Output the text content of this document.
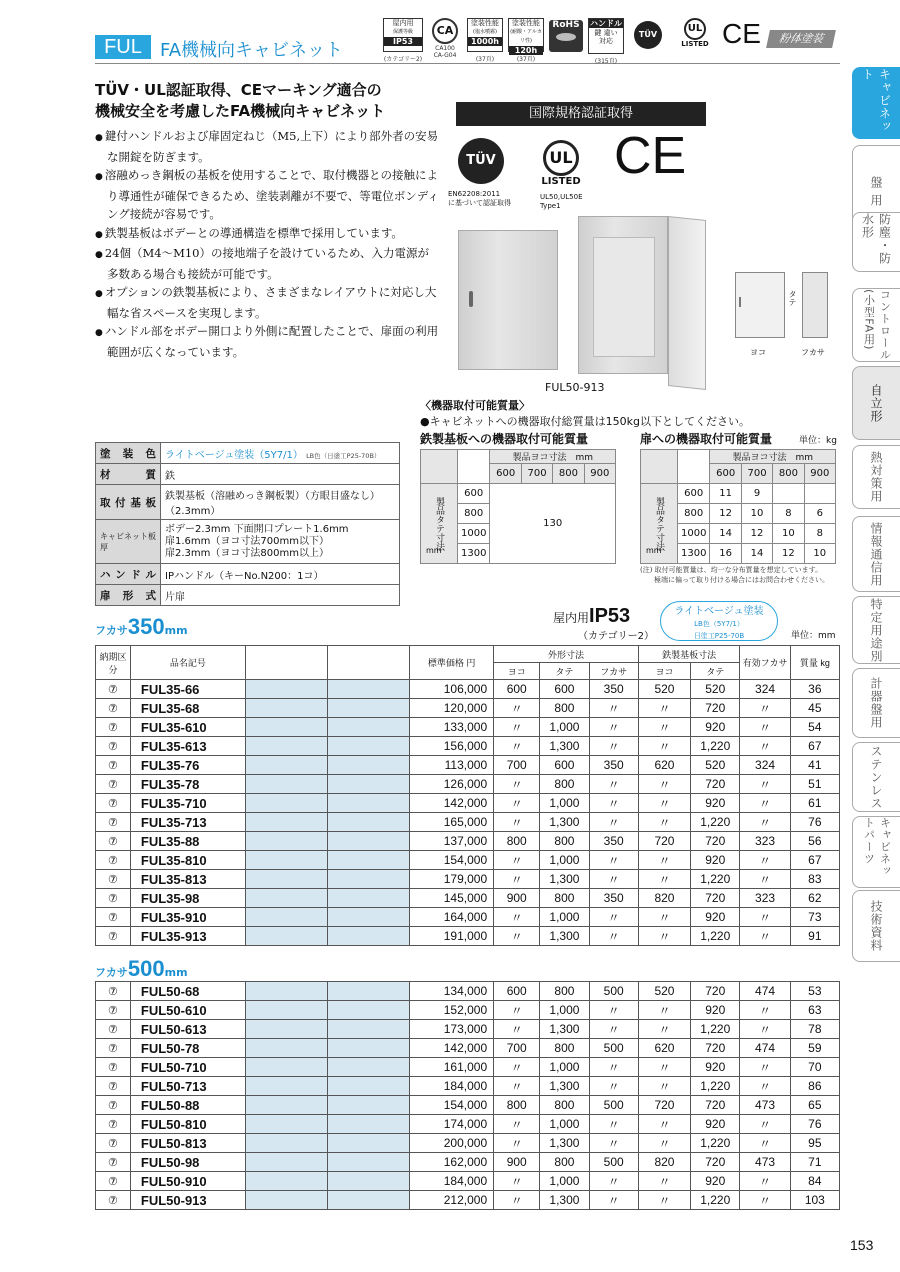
FUL	FA機械向キャビネット
屋内用
保護等級
IP53
(カテゴリー2)
CA
CA100
CA-G04
塗装性能
(塩水噴霧)
1000h
(37頁)
塗装性能
(耐酸・アルカリ性)
120h
(37頁)
RoHS	ハンドル
鍵 違い 対応
(315頁)
TÜV
UL
LISTED CE	粉体塗装
TÜV・UL認証取得、CEマーキング適合の
機械安全を考慮したFA機械向キャビネット
● 鍵付ハンドルおよび扉固定ねじ（M5,上下）により部外者の安易な開錠を防ぎます。
● 溶融めっき鋼板の基板を使用することで、取付機器との接触により導通性が確保できるため、塗装剥離が不要で、等電位ボンディング接続が容易です。
● 鉄製基板はボデーとの導通構造を標準で採用しています。
● 24個（M4〜M10）の接地端子を設けているため、入力電源が多数ある場合も接続が可能です。
● オプションの鉄製基板により、さまざまなレイアウトに対応し大幅な省スペースを実現します。
● ハンドル部をボデー開口より外側に配置したことで、扉面の利用範囲が広くなっています。
国際規格認証取得
TÜV
EN62208:2011
に基づいて認証取得
UL
LISTED
UL50,UL50E
Type1
CE
FUL50-913
タテ
ヨコ	フカサ
キャビネット
盤 用
防塵・防水形
コントロール(小型FA用)
自立形
熱対策用
情報通信用
特定用途別
計器盤用
ステンレス
キャビネットパーツ
技術資料
塗装色	ライトベージュ塗装（5Y7/1） LB色（日塗工P25-70B）
材質	鉄
取付基板	鉄製基板（溶融めっき鋼板製）（方眼目盛なし）（2.3mm）
キャビネット板厚	ボデー2.3mm 下面開口プレート1.6mm
扉1.6mm（ヨコ寸法700mm以下）
扉2.3mm（ヨコ寸法800mm以上）
ハンドル	IPハンドル（キーNo.N200：1コ）
扉形式	片扉
〈機器取付可能質量〉
●キャビネットへの機器取付総質量は150kg以下としてください。
鉄製基板への機器取付可能質量	扉への機器取付可能質量	単位：kg
		製品ヨコ寸法　mm			
		600	700	800	900
製品タテ寸法	600	130			
	800				
	1000				
	1300				
mm
		製品ヨコ寸法　mm			
		600	700	800	900
製品タテ寸法	600	11	9		
	800	12	10	8	6
	1000	14	12	10	8
	1300	16	14	12	10
mm
(注) 取付可能質量は、均一な分布質量を想定しています。
極端に偏って取り付ける場合にはお問合わせください。
屋内用IP53
（カテゴリー2）
ライトベージュ塗装
LB色（5Y7/1）
日塗工P25-70B	単位：mm
フカサ350mm
納期区分	品名記号			標準価格 円	外形寸法			鉄製基板寸法		有効フカサ	質量 kg
					ヨコ	タテ	フカサ	ヨコ	タテ		
⑦	FUL35-66			106,000	600	600	350	520	520	324	36
⑦	FUL35-68			120,000	〃	800	〃	〃	720	〃	45
⑦	FUL35-610			133,000	〃	1,000	〃	〃	920	〃	54
⑦	FUL35-613			156,000	〃	1,300	〃	〃	1,220	〃	67
⑦	FUL35-76			113,000	700	600	350	620	520	324	41
⑦	FUL35-78			126,000	〃	800	〃	〃	720	〃	51
⑦	FUL35-710			142,000	〃	1,000	〃	〃	920	〃	61
⑦	FUL35-713			165,000	〃	1,300	〃	〃	1,220	〃	76
⑦	FUL35-88			137,000	800	800	350	720	720	323	56
⑦	FUL35-810			154,000	〃	1,000	〃	〃	920	〃	67
⑦	FUL35-813			179,000	〃	1,300	〃	〃	1,220	〃	83
⑦	FUL35-98			145,000	900	800	350	820	720	323	62
⑦	FUL35-910			164,000	〃	1,000	〃	〃	920	〃	73
⑦	FUL35-913			191,000	〃	1,300	〃	〃	1,220	〃	91
フカサ500mm
⑦	FUL50-68			134,000	600	800	500	520	720	474	53
⑦	FUL50-610			152,000	〃	1,000	〃	〃	920	〃	63
⑦	FUL50-613			173,000	〃	1,300	〃	〃	1,220	〃	78
⑦	FUL50-78			142,000	700	800	500	620	720	474	59
⑦	FUL50-710			161,000	〃	1,000	〃	〃	920	〃	70
⑦	FUL50-713			184,000	〃	1,300	〃	〃	1,220	〃	86
⑦	FUL50-88			154,000	800	800	500	720	720	473	65
⑦	FUL50-810			174,000	〃	1,000	〃	〃	920	〃	76
⑦	FUL50-813			200,000	〃	1,300	〃	〃	1,220	〃	95
⑦	FUL50-98			162,000	900	800	500	820	720	473	71
⑦	FUL50-910			184,000	〃	1,000	〃	〃	920	〃	84
⑦	FUL50-913			212,000	〃	1,300	〃	〃	1,220	〃	103
153
